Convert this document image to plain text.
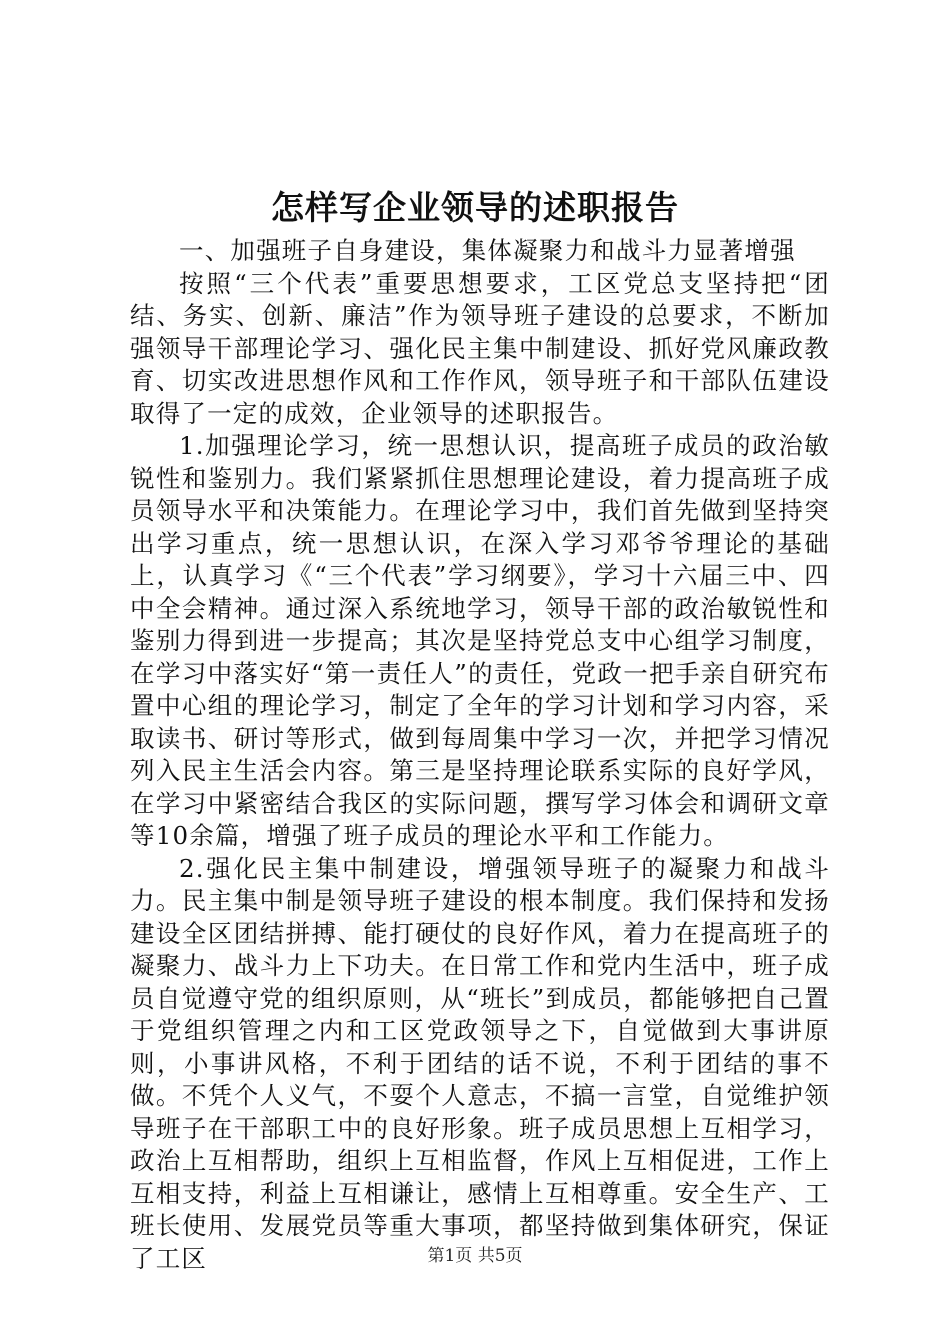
怎样写企业领导的述职报告

一、加强班子自身建设，集体凝聚力和战斗力显著增强

按照“三个代表”重要思想要求，工区党总支坚持把“团结、务实、创新、廉洁”作为领导班子建设的总要求，不断加强领导干部理论学习、强化民主集中制建设、抓好党风廉政教育、切实改进思想作风和工作作风，领导班子和干部队伍建设取得了一定的成效，企业领导的述职报告。

1.加强理论学习，统一思想认识，提高班子成员的政治敏锐性和鉴别力。我们紧紧抓住思想理论建设，着力提高班子成员领导水平和决策能力。在理论学习中，我们首先做到坚持突出学习重点，统一思想认识，在深入学习邓爷爷理论的基础上，认真学习《“三个代表”学习纲要》，学习十六届三中、四中全会精神。通过深入系统地学习，领导干部的政治敏锐性和鉴别力得到进一步提高；其次是坚持党总支中心组学习制度，在学习中落实好“第一责任人”的责任，党政一把手亲自研究布置中心组的理论学习，制定了全年的学习计划和学习内容，采取读书、研讨等形式，做到每周集中学习一次，并把学习情况列入民主生活会内容。第三是坚持理论联系实际的良好学风，在学习中紧密结合我区的实际问题，撰写学习体会和调研文章等10余篇，增强了班子成员的理论水平和工作能力。

2.强化民主集中制建设，增强领导班子的凝聚力和战斗力。民主集中制是领导班子建设的根本制度。我们保持和发扬建设全区团结拼搏、能打硬仗的良好作风，着力在提高班子的凝聚力、战斗力上下功夫。在日常工作和党内生活中，班子成员自觉遵守党的组织原则，从“班长”到成员，都能够把自己置于党组织管理之内和工区党政领导之下，自觉做到大事讲原则，小事讲风格，不利于团结的话不说，不利于团结的事不做。不凭个人义气，不耍个人意志，不搞一言堂，自觉维护领导班子在干部职工中的良好形象。班子成员思想上互相学习，政治上互相帮助，组织上互相监督，作风上互相促进，工作上互相支持，利益上互相谦让，感情上互相尊重。安全生产、工班长使用、发展党员等重大事项，都坚持做到集体研究，保证了工区	第1页 共5页
